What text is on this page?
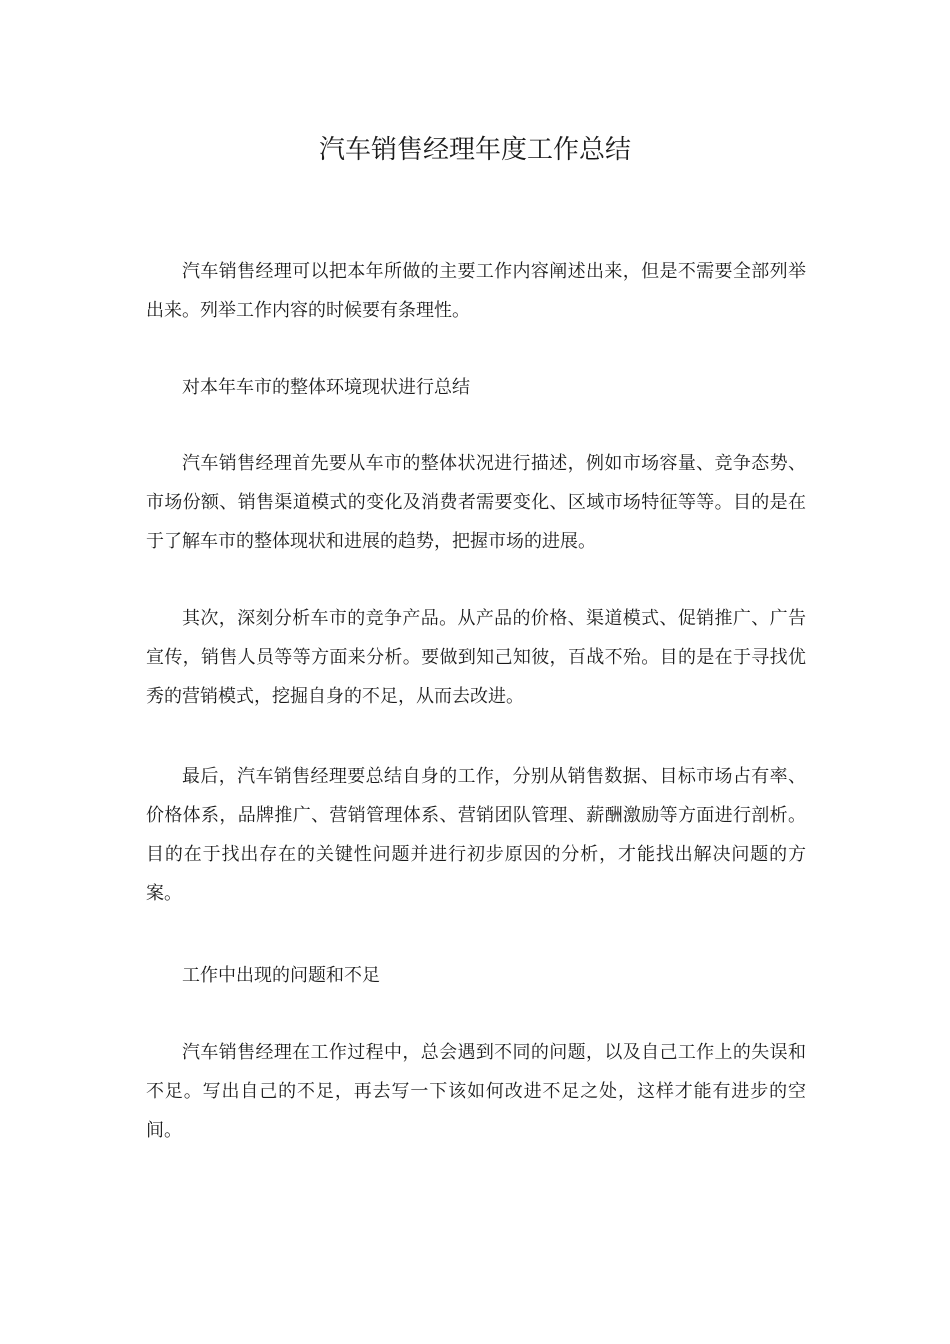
汽车销售经理年度工作总结

汽车销售经理可以把本年所做的主要工作内容阐述出来，但是不需要全部列举出来。列举工作内容的时候要有条理性。

对本年车市的整体环境现状进行总结

汽车销售经理首先要从车市的整体状况进行描述，例如市场容量、竞争态势、市场份额、销售渠道模式的变化及消费者需要变化、区域市场特征等等。目的是在于了解车市的整体现状和进展的趋势，把握市场的进展。

其次，深刻分析车市的竞争产品。从产品的价格、渠道模式、促销推广、广告宣传，销售人员等等方面来分析。要做到知己知彼，百战不殆。目的是在于寻找优秀的营销模式，挖掘自身的不足，从而去改进。

最后，汽车销售经理要总结自身的工作，分别从销售数据、目标市场占有率、价格体系，品牌推广、营销管理体系、营销团队管理、薪酬激励等方面进行剖析。目的在于找出存在的关键性问题并进行初步原因的分析，才能找出解决问题的方案。

工作中出现的问题和不足

汽车销售经理在工作过程中，总会遇到不同的问题，以及自己工作上的失误和不足。写出自己的不足，再去写一下该如何改进不足之处，这样才能有进步的空间。
